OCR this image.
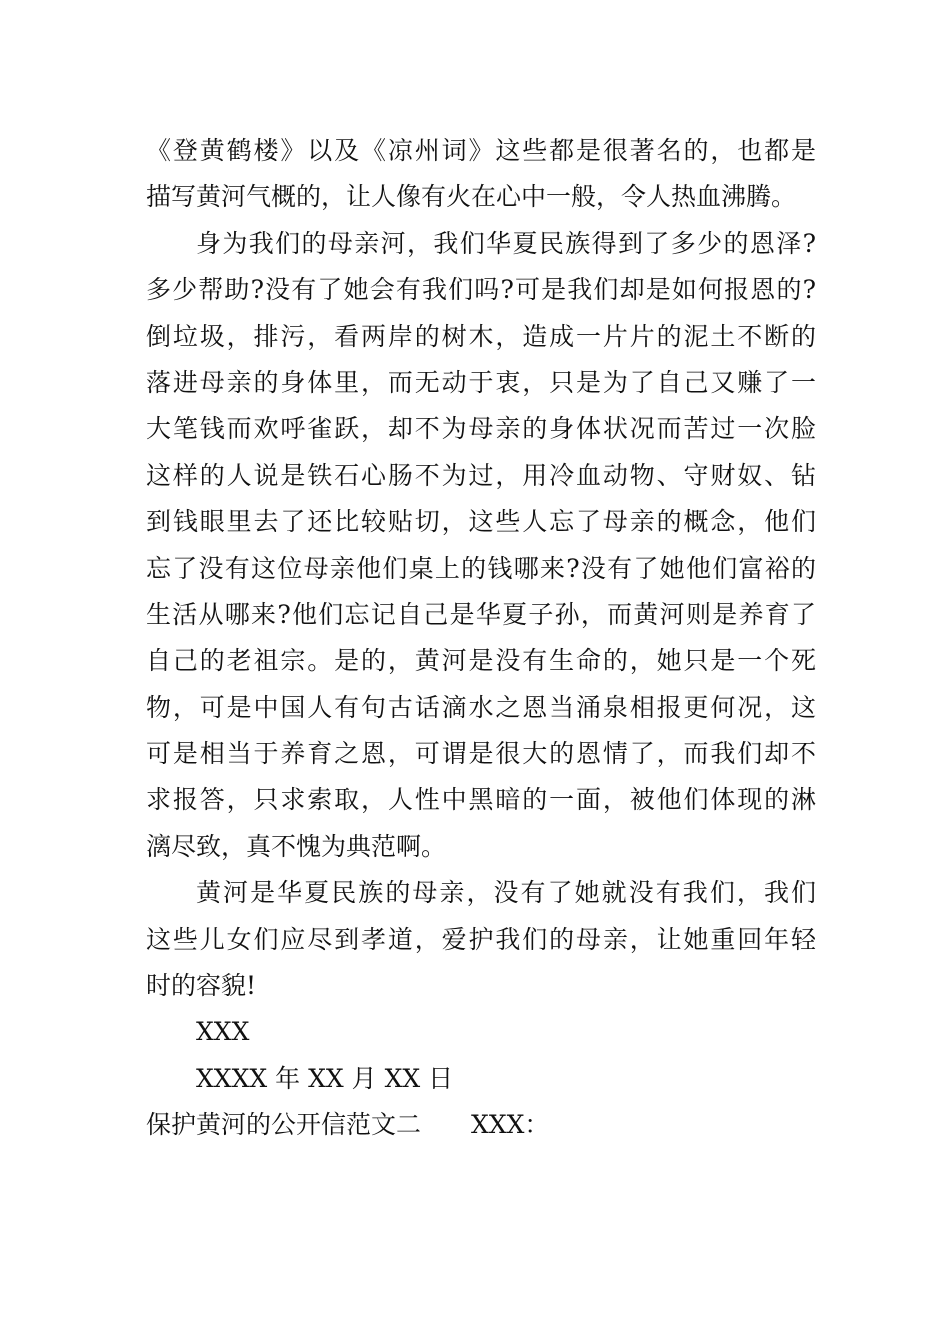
《登黄鹤楼》以及《凉州词》这些都是很著名的，也都是
描写黄河气概的，让人像有火在心中一般，令人热血沸腾。
身为我们的母亲河，我们华夏民族得到了多少的恩泽?
多少帮助?没有了她会有我们吗?可是我们却是如何报恩的?
倒垃圾，排污，看两岸的树木，造成一片片的泥土不断的
落进母亲的身体里，而无动于衷，只是为了自己又赚了一
大笔钱而欢呼雀跃，却不为母亲的身体状况而苦过一次脸
这样的人说是铁石心肠不为过，用冷血动物、守财奴、钻
到钱眼里去了还比较贴切，这些人忘了母亲的概念，他们
忘了没有这位母亲他们桌上的钱哪来?没有了她他们富裕的
生活从哪来?他们忘记自己是华夏子孙，而黄河则是养育了
自己的老祖宗。是的，黄河是没有生命的，她只是一个死
物，可是中国人有句古话滴水之恩当涌泉相报更何况，这
可是相当于养育之恩，可谓是很大的恩情了，而我们却不
求报答，只求索取，人性中黑暗的一面，被他们体现的淋
漓尽致，真不愧为典范啊。
黄河是华夏民族的母亲，没有了她就没有我们，我们
这些儿女们应尽到孝道，爱护我们的母亲，让她重回年轻
时的容貌!
XXX
XXXX 年 XX 月 XX 日
保护黄河的公开信范文二 XXX：
